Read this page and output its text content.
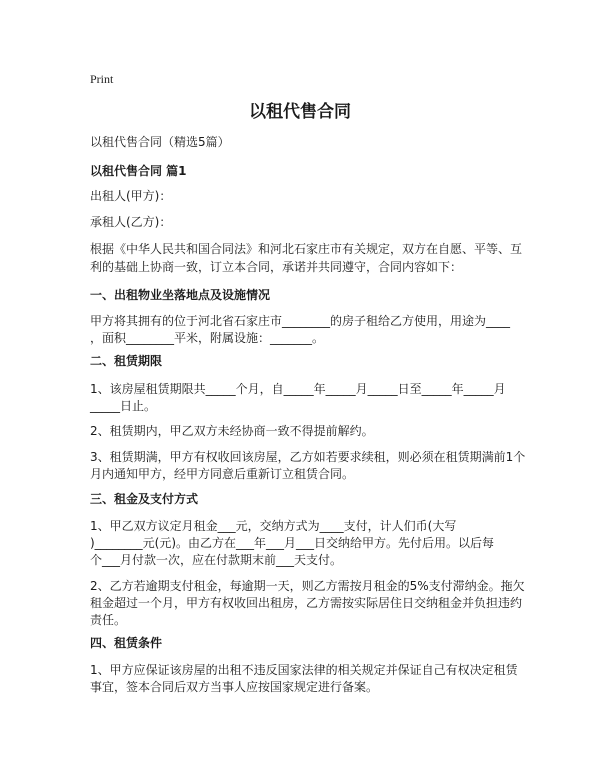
Print
以租代售合同
以租代售合同（精选5篇）
以租代售合同 篇1
出租人(甲方)：
承租人(乙方)：
根据《中华人民共和国合同法》和河北石家庄市有关规定，双方在自愿、平等、互
利的基础上协商一致，订立本合同，承诺并共同遵守，合同内容如下：
一、出租物业坐落地点及设施情况
甲方将其拥有的位于河北省石家庄市________的房子租给乙方使用，用途为____
，面积________平米，附属设施：_______。
二、租赁期限
1、该房屋租赁期限共_____个月，自_____年_____月_____日至_____年_____月
_____日止。
2、租赁期内，甲乙双方未经协商一致不得提前解约。
3、租赁期满，甲方有权收回该房屋，乙方如若要求续租，则必须在租赁期满前1个
月内通知甲方，经甲方同意后重新订立租赁合同。
三、租金及支付方式
1、甲乙双方议定月租金___元，交纳方式为____支付，计人们币(大写
)________元(元)。由乙方在___年___月___日交纳给甲方。先付后用。以后每
个___月付款一次，应在付款期末前___天支付。
2、乙方若逾期支付租金，每逾期一天，则乙方需按月租金的5%支付滞纳金。拖欠
租金超过一个月，甲方有权收回出租房，乙方需按实际居住日交纳租金并负担违约
责任。
四、租赁条件
1、甲方应保证该房屋的出租不违反国家法律的相关规定并保证自己有权决定租赁
事宜，签本合同后双方当事人应按国家规定进行备案。
